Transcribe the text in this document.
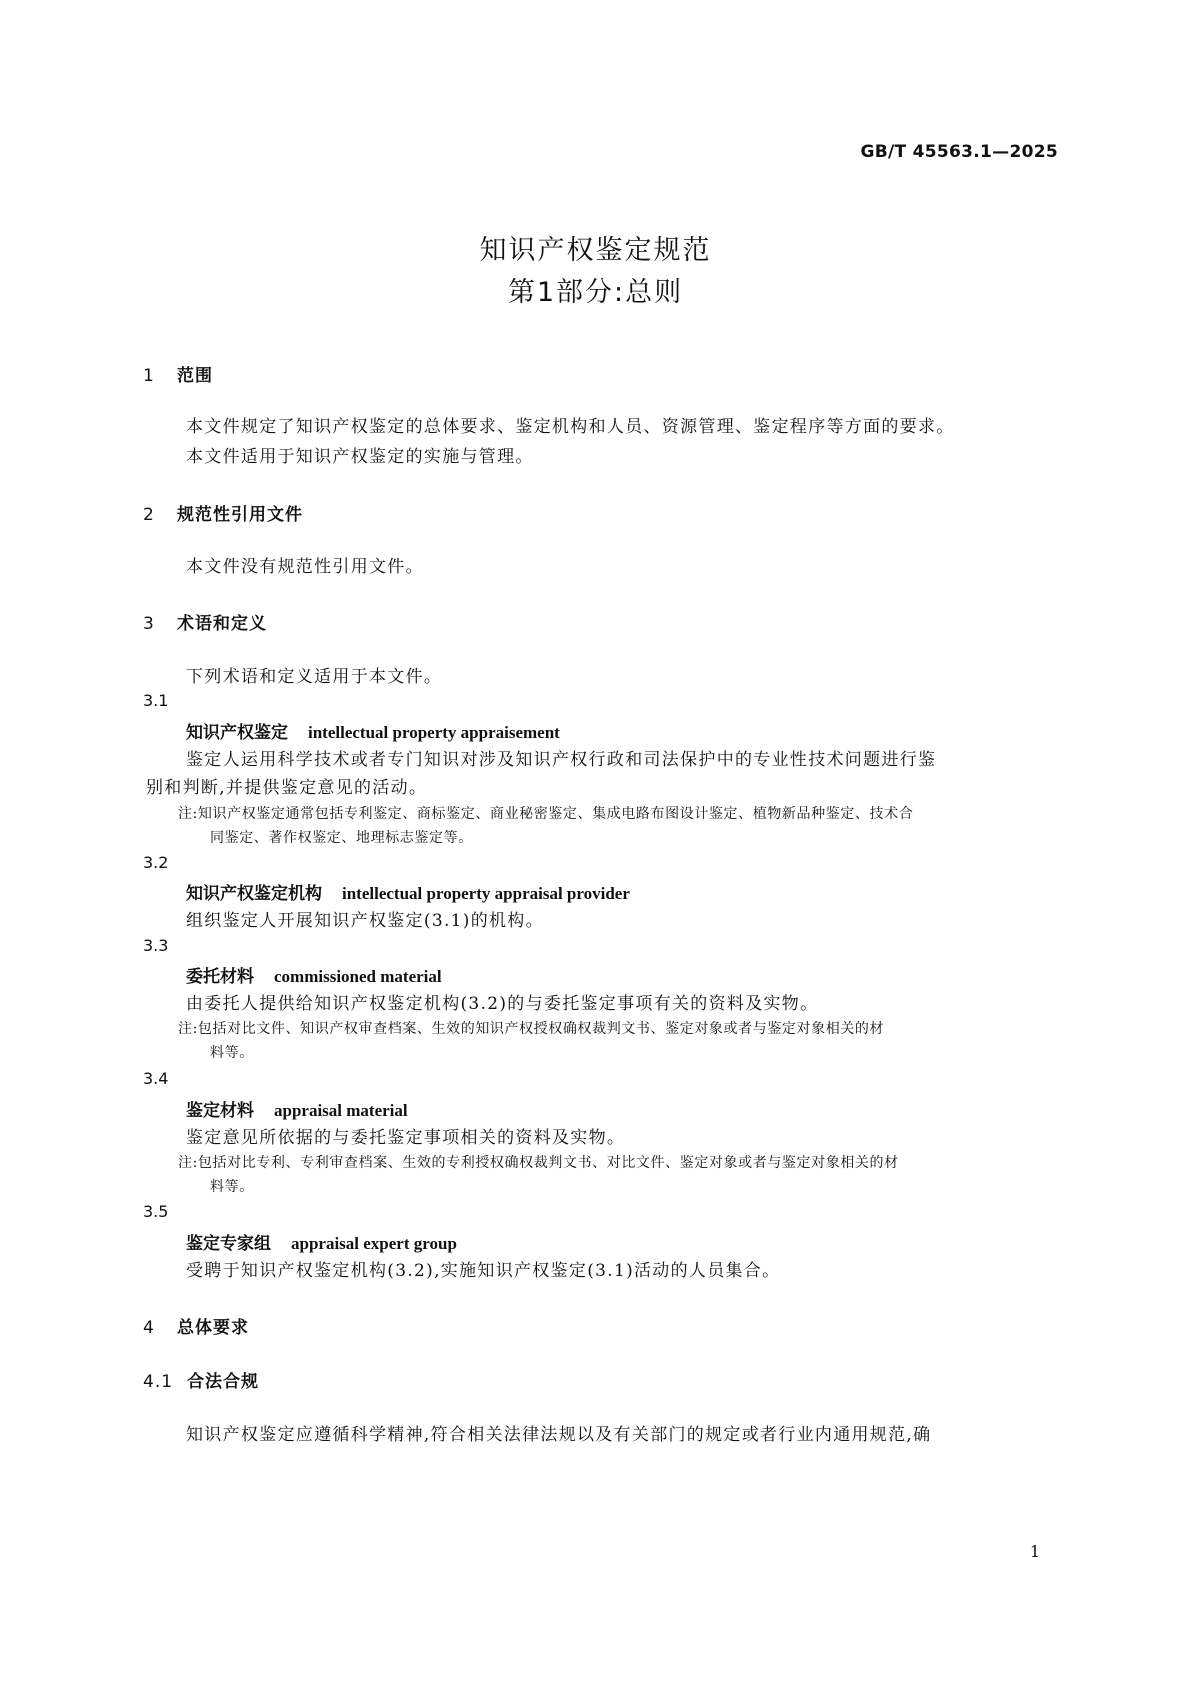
GB/T 45563.1—2025
知识产权鉴定规范
第1部分:总则
1 范围
本文件规定了知识产权鉴定的总体要求、鉴定机构和人员、资源管理、鉴定程序等方面的要求。
本文件适用于知识产权鉴定的实施与管理。
2 规范性引用文件
本文件没有规范性引用文件。
3 术语和定义
下列术语和定义适用于本文件。
3.1
知识产权鉴定 intellectual property appraisement
鉴定人运用科学技术或者专门知识对涉及知识产权行政和司法保护中的专业性技术问题进行鉴
别和判断,并提供鉴定意见的活动。
注:知识产权鉴定通常包括专利鉴定、商标鉴定、商业秘密鉴定、集成电路布图设计鉴定、植物新品种鉴定、技术合
同鉴定、著作权鉴定、地理标志鉴定等。
3.2
知识产权鉴定机构 intellectual property appraisal provider
组织鉴定人开展知识产权鉴定(3.1)的机构。
3.3
委托材料 commissioned material
由委托人提供给知识产权鉴定机构(3.2)的与委托鉴定事项有关的资料及实物。
注:包括对比文件、知识产权审查档案、生效的知识产权授权确权裁判文书、鉴定对象或者与鉴定对象相关的材
料等。
3.4
鉴定材料 appraisal material
鉴定意见所依据的与委托鉴定事项相关的资料及实物。
注:包括对比专利、专利审查档案、生效的专利授权确权裁判文书、对比文件、鉴定对象或者与鉴定对象相关的材
料等。
3.5
鉴定专家组 appraisal expert group
受聘于知识产权鉴定机构(3.2),实施知识产权鉴定(3.1)活动的人员集合。
4 总体要求
4.1 合法合规
知识产权鉴定应遵循科学精神,符合相关法律法规以及有关部门的规定或者行业内通用规范,确
1
